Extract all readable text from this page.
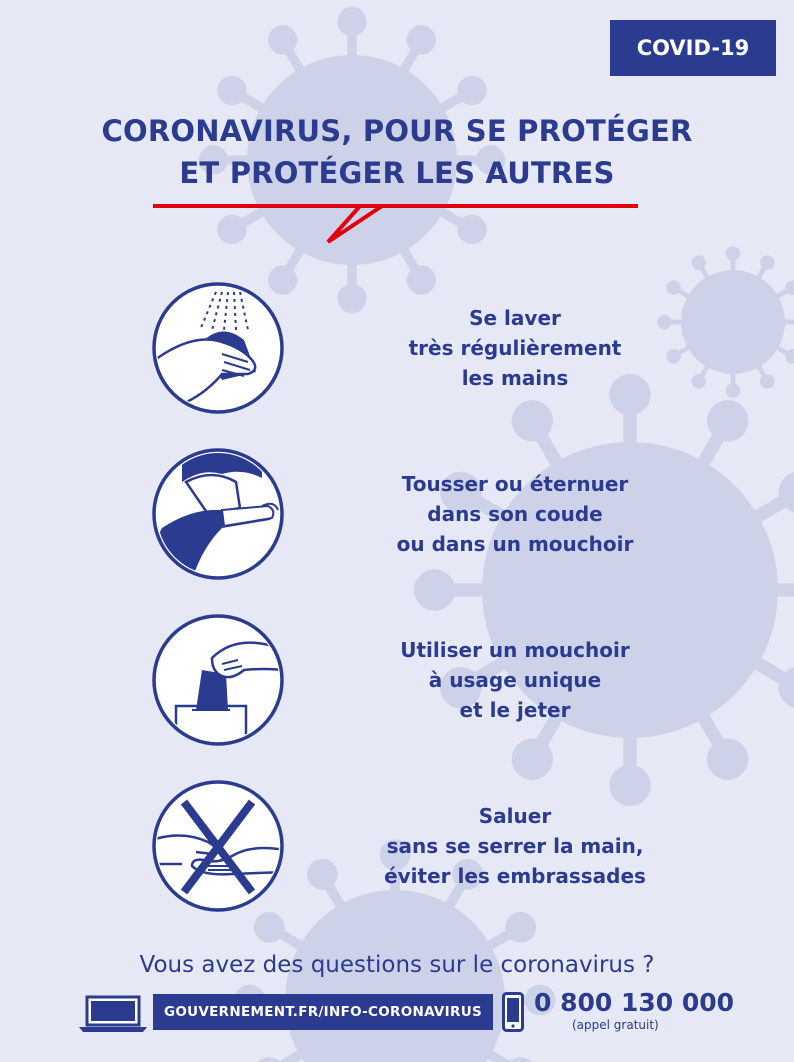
COVID-19
CORONAVIRUS, POUR SE PROTÉGER
ET PROTÉGER LES AUTRES
Se laver
très régulièrement
les mains
Tousser ou éternuer
dans son coude
ou dans un mouchoir
Utiliser un mouchoir
à usage unique
et le jeter
Saluer
sans se serrer la main,
éviter les embrassades
Vous avez des questions sur le coronavirus ?
GOUVERNEMENT.FR/INFO-CORONAVIRUS	0 800 130 000
(appel gratuit)
